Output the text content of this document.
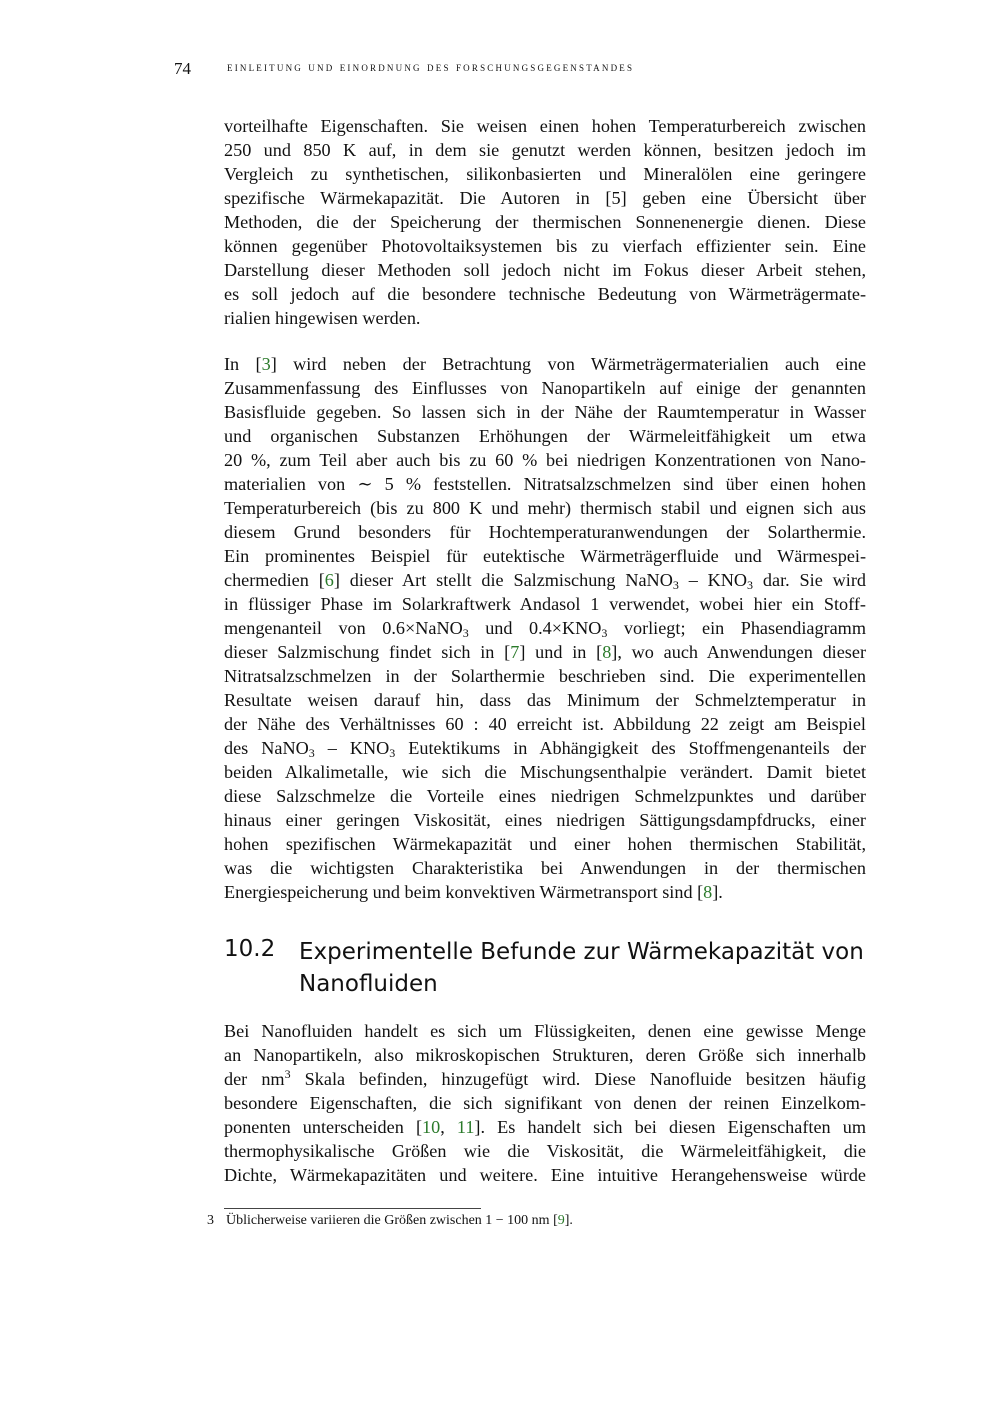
74	einleitung und einordnung des forschungsgegenstandes

vorteilhafte Eigenschaften. Sie weisen einen hohen Temperaturbereich zwischen
250 und 850 K auf, in dem sie genutzt werden können, besitzen jedoch im
Vergleich zu synthetischen, silikonbasierten und Mineralölen eine geringere
spezifische Wärmekapazität. Die Autoren in [5] geben eine Übersicht über
Methoden, die der Speicherung der thermischen Sonnenenergie dienen. Diese
können gegenüber Photovoltaiksystemen bis zu vierfach effizienter sein. Eine
Darstellung dieser Methoden soll jedoch nicht im Fokus dieser Arbeit stehen,
es soll jedoch auf die besondere technische Bedeutung von Wärmeträgermate-
rialien hingewisen werden.

In [3] wird neben der Betrachtung von Wärmeträgermaterialien auch eine
Zusammenfassung des Einflusses von Nanopartikeln auf einige der genannten
Basisfluide gegeben. So lassen sich in der Nähe der Raumtemperatur in Wasser
und organischen Substanzen Erhöhungen der Wärmeleitfähigkeit um etwa
20 %, zum Teil aber auch bis zu 60 % bei niedrigen Konzentrationen von Nano-
materialien von ∼ 5 % feststellen. Nitratsalzschmelzen sind über einen hohen
Temperaturbereich (bis zu 800 K und mehr) thermisch stabil und eignen sich aus
diesem Grund besonders für Hochtemperaturanwendungen der Solarthermie.
Ein prominentes Beispiel für eutektische Wärmeträgerfluide und Wärmespei-
chermedien [6] dieser Art stellt die Salzmischung NaNO$_3$ – $KNO_3$ dar. Sie wird
in flüssiger Phase im Solarkraftwerk Andasol 1 verwendet, wobei hier ein Stoff-
mengenanteil von 0.6×NaNO$_3$ und $0.4\times KNO_3$ vorliegt; ein Phasendiagramm
dieser Salzmischung findet sich in [7] und in [8], wo auch Anwendungen dieser
Nitratsalzschmelzen in der Solarthermie beschrieben sind. Die experimentellen
Resultate weisen darauf hin, dass das Minimum der Schmelztemperatur in
der Nähe des Verhältnisses 60 : 40 erreicht ist. Abbildung 22 zeigt am Beispiel
des NaNO$_3$ – $KNO_3$ Eutektikums in Abhängigkeit des Stoffmengenanteils der
beiden Alkalimetalle, wie sich die Mischungsenthalpie verändert. Damit bietet
diese Salzschmelze die Vorteile eines niedrigen Schmelzpunktes und darüber
hinaus einer geringen Viskosität, eines niedrigen Sättigungsdampfdrucks, einer
hohen spezifischen Wärmekapazität und einer hohen thermischen Stabilität,
was die wichtigsten Charakteristika bei Anwendungen in der thermischen
Energiespeicherung und beim konvektiven Wärmetransport sind [8].

10.2 Experimentelle Befunde zur Wärmekapazität von
Nanofluiden

Bei Nanofluiden handelt es sich um Flüssigkeiten, denen eine gewisse Menge
an Nanopartikeln, also mikroskopischen Strukturen, deren Größe sich innerhalb
der $nm^3$ Skala befinden, hinzugefügt wird. Diese Nanofluide besitzen häufig
besondere Eigenschaften, die sich signifikant von denen der reinen Einzelkom-
ponenten unterscheiden [10, 11]. Es handelt sich bei diesen Eigenschaften um
thermophysikalische Größen wie die Viskosität, die Wärmeleitfähigkeit, die
Dichte, Wärmekapazitäten und weitere. Eine intuitive Herangehensweise würde

3 Üblicherweise variieren die Größen zwischen 1 − 100 nm [9].
